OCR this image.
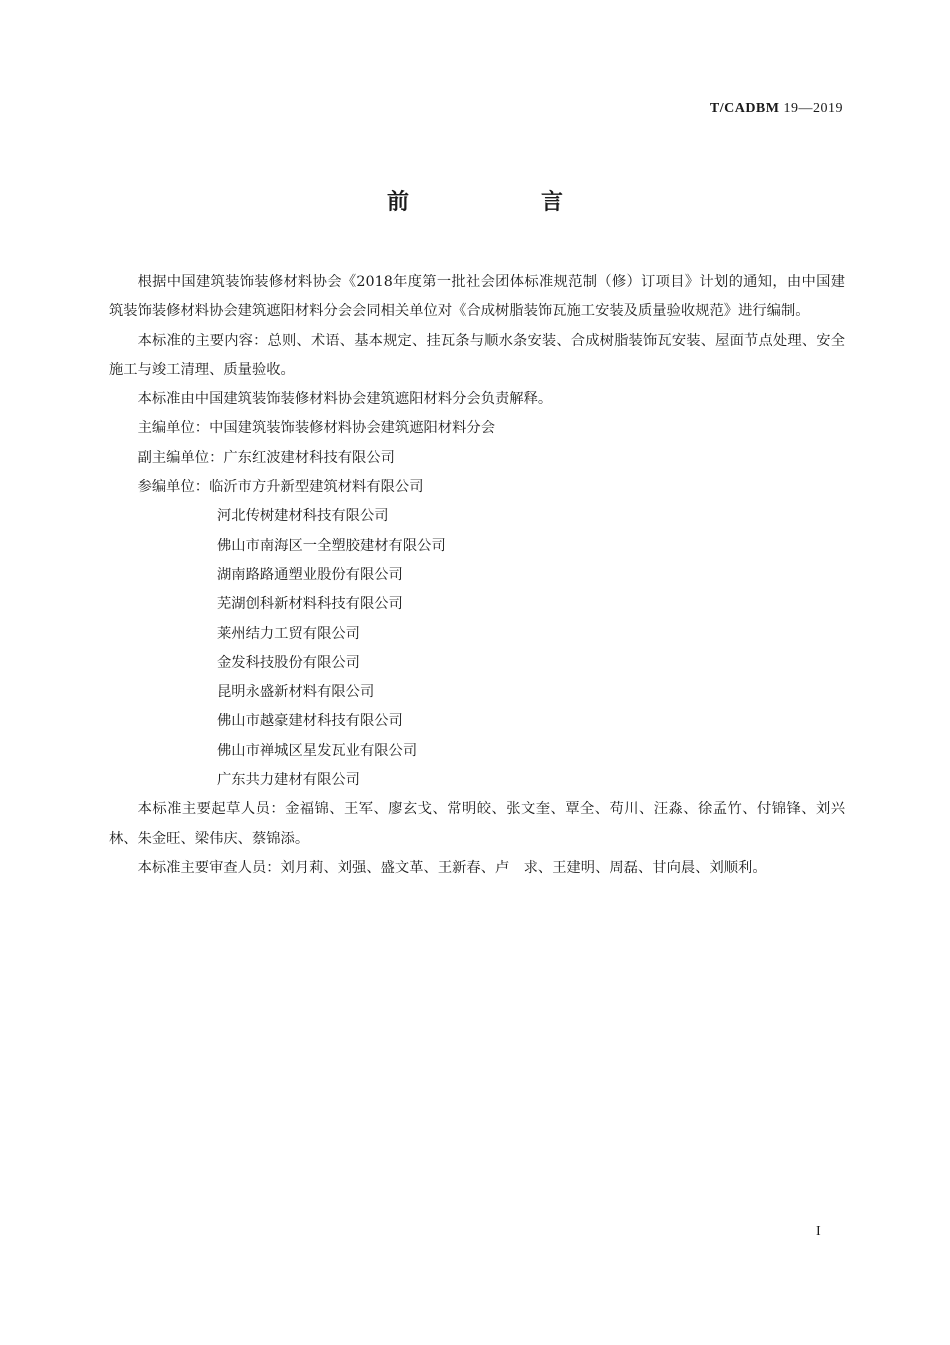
T/CADBM 19—2019
前　言

根据中国建筑装饰装修材料协会《2018年度第一批社会团体标准规范制（修）订项目》计划的通知，由中国建筑装饰装修材料协会建筑遮阳材料分会会同相关单位对《合成树脂装饰瓦施工安装及质量验收规范》进行编制。

本标准的主要内容：总则、术语、基本规定、挂瓦条与顺水条安装、合成树脂装饰瓦安装、屋面节点处理、安全施工与竣工清理、质量验收。

本标准由中国建筑装饰装修材料协会建筑遮阳材料分会负责解释。

主编单位：中国建筑装饰装修材料协会建筑遮阳材料分会

副主编单位：广东红波建材科技有限公司

参编单位：临沂市方升新型建筑材料有限公司

河北传树建材科技有限公司

佛山市南海区一全塑胶建材有限公司

湖南路路通塑业股份有限公司

芜湖创科新材料科技有限公司

莱州结力工贸有限公司

金发科技股份有限公司

昆明永盛新材料有限公司

佛山市越豪建材科技有限公司

佛山市禅城区星发瓦业有限公司

广东共力建材有限公司

本标准主要起草人员：金福锦、王军、廖玄戈、常明皎、张文奎、覃全、苟川、汪淼、徐孟竹、付锦锋、刘兴林、朱金旺、梁伟庆、蔡锦添。

本标准主要审查人员：刘月莉、刘强、盛文革、王新春、卢　求、王建明、周磊、甘向晨、刘顺利。

I
